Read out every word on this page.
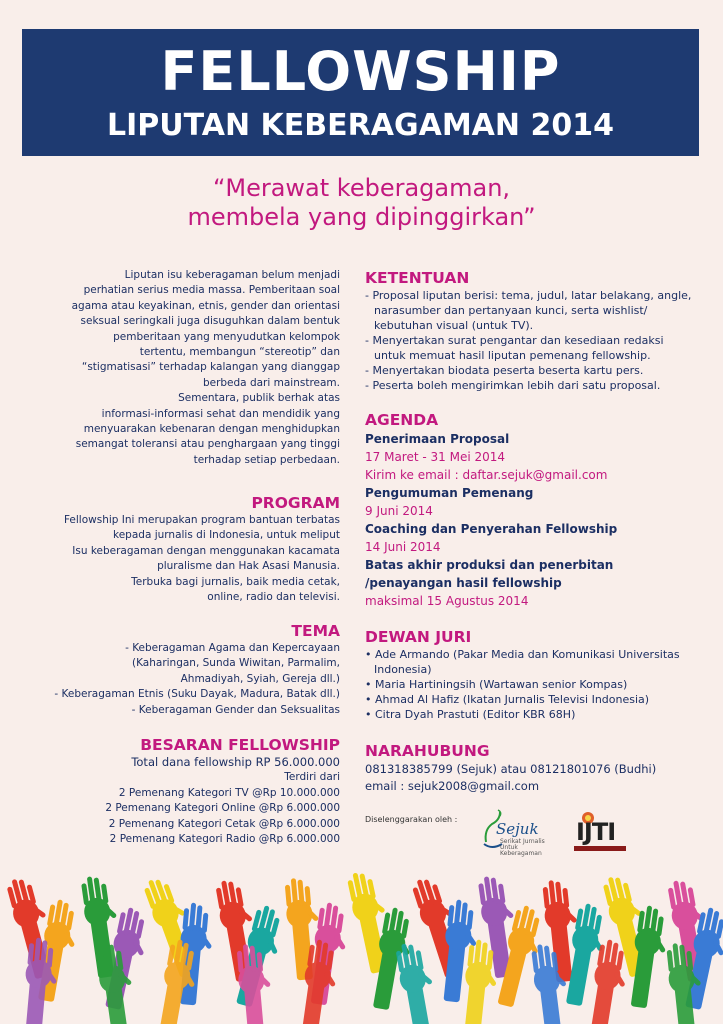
FELLOWSHIP
LIPUTAN KEBERAGAMAN 2014
“Merawat keberagaman,
membela yang dipinggirkan”

Liputan isu keberagaman belum menjadi

perhatian serius media massa. Pemberitaan soal

agama atau keyakinan, etnis, gender dan orientasi

seksual seringkali juga disuguhkan dalam bentuk

pemberitaan yang menyudutkan kelompok

tertentu, membangun “stereotip” dan

“stigmatisasi” terhadap kalangan yang dianggap

berbeda dari mainstream.

Sementara, publik berhak atas

informasi-informasi sehat dan mendidik yang

menyuarakan kebenaran dengan menghidupkan

semangat toleransi atau penghargaan yang tinggi

terhadap setiap perbedaan.

PROGRAM

Fellowship Ini merupakan program bantuan terbatas

kepada jurnalis di Indonesia, untuk meliput

Isu keberagaman dengan menggunakan kacamata

pluralisme dan Hak Asasi Manusia.

Terbuka bagi jurnalis, baik media cetak,

online, radio dan televisi.

TEMA

- Keberagaman Agama dan Kepercayaan

(Kaharingan, Sunda Wiwitan, Parmalim,

Ahmadiyah, Syiah, Gereja dll.)

- Keberagaman Etnis (Suku Dayak, Madura, Batak dll.)

- Keberagaman Gender dan Seksualitas

BESARAN FELLOWSHIP

Total dana fellowship RP 56.000.000

Terdiri dari

2 Pemenang Kategori TV @Rp 10.000.000

2 Pemenang Kategori Online @Rp 6.000.000

2 Pemenang Kategori Cetak @Rp 6.000.000

2 Pemenang Kategori Radio @Rp 6.000.000

KETENTUAN
- Proposal liputan berisi: tema, judul, latar belakang, angle, narasumber dan pertanyaan kunci, serta wishlist/ kebutuhan visual (untuk TV).
- Menyertakan surat pengantar dan kesediaan redaksi untuk memuat hasil liputan pemenang fellowship.
- Menyertakan biodata peserta beserta kartu pers.
- Peserta boleh mengirimkan lebih dari satu proposal.
AGENDA
Penerimaan Proposal
17 Maret - 31 Mei 2014
Kirim ke email : daftar.sejuk@gmail.com
Pengumuman Pemenang
9 Juni 2014
Coaching dan Penyerahan Fellowship
14 Juni 2014
Batas akhir produksi dan penerbitan
/penayangan hasil fellowship
maksimal 15 Agustus 2014
DEWAN JURI
• Ade Armando (Pakar Media dan Komunikasi Universitas Indonesia)
• Maria Hartiningsih (Wartawan senior Kompas)
• Ahmad Al Hafiz (Ikatan Jurnalis Televisi Indonesia)
• Citra Dyah Prastuti (Editor KBR 68H)
NARAHUBUNG
081318385799 (Sejuk) atau 08121801076 (Budhi)
email : sejuk2008@gmail.com
Diselenggarakan oleh :
Sejuk
Serikat Jurnalis Untuk Keberagaman
IJTI
